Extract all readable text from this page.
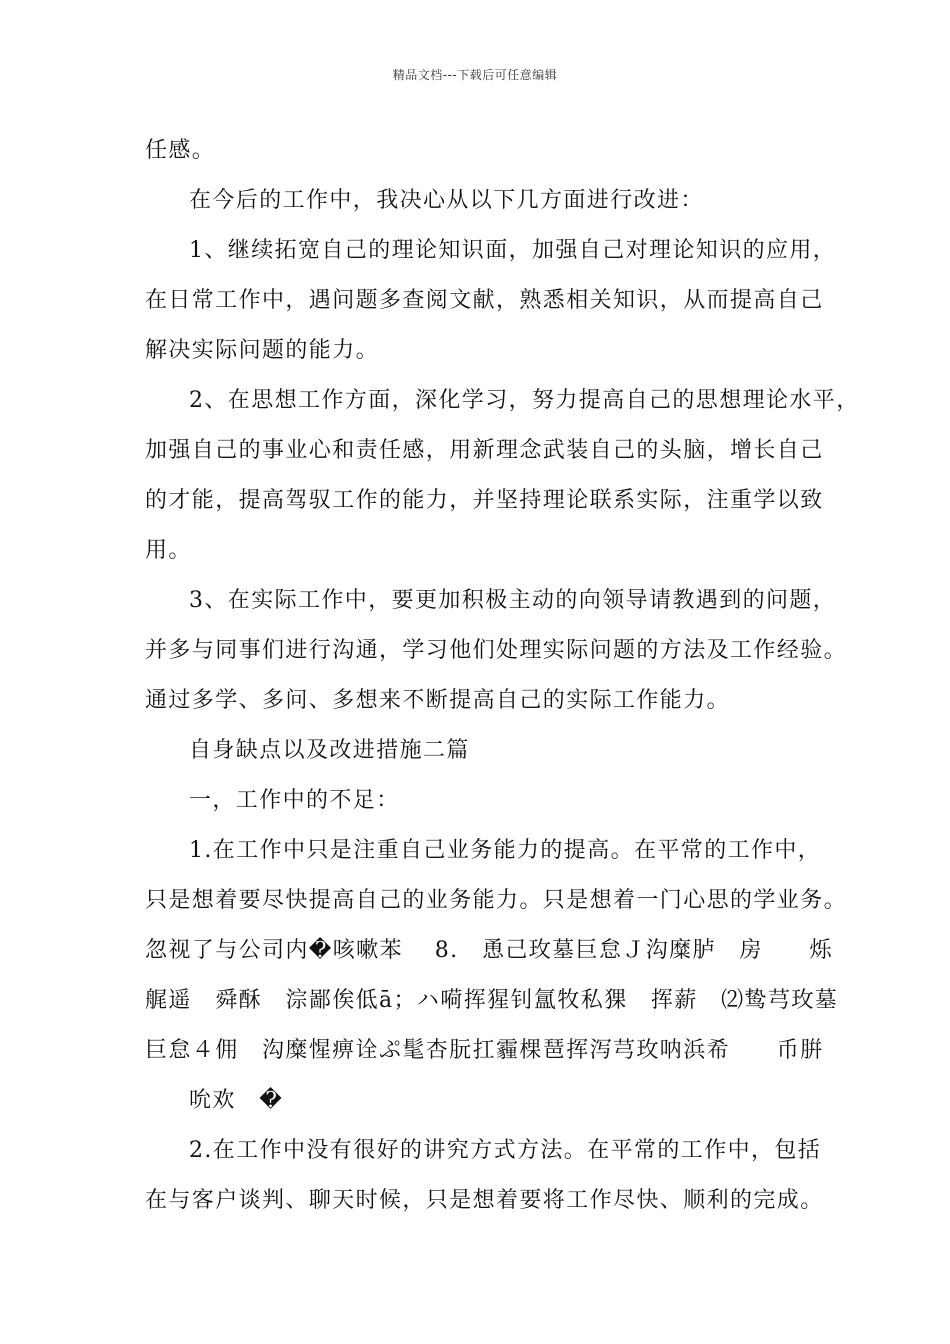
精品文档---下载后可任意编辑
任感。
在今后的工作中，我决心从以下几方面进行改进：
1、继续拓宽自己的理论知识面，加强自己对理论知识的应用，
在日常工作中，遇问题多查阅文献，熟悉相关知识，从而提高自己
解决实际问题的能力。
2、在思想工作方面，深化学习，努力提高自己的思想理论水平，
加强自己的事业心和责任感，用新理念武装自己的头脑，增长自己
的才能，提高驾驭工作的能力，并坚持理论联系实际，注重学以致
用。
3、在实际工作中，要更加积极主动的向领导请教遇到的问题，
并多与同事们进行沟通，学习他们处理实际问题的方法及工作经验。
通过多学、多问、多想来不断提高自己的实际工作能力。
自身缺点以及改进措施二篇
一，工作中的不足：
1.在工作中只是注重自己业务能力的提高。在平常的工作中，
只是想着要尽快提高自己的业务能力。只是想着一门心思的学业务。
忽视了与公司内�咳嗽苯　 8.　恿己玫墓巨怠Ｊ沟糜胪　房　　烁
艉遥　舜酥　淙鄙俟低ā；ハ嗬挥猩钊氲牧私猓　挥薪　⑵鸷芎玫墓
巨怠４佣　沟糜惺痹诠ぷ髦杏朊扛霾棵琶挥泻芎玫呐浜希　　币腁
吮欢　�
2.在工作中没有很好的讲究方式方法。在平常的工作中，包括
在与客户谈判、聊天时候，只是想着要将工作尽快、顺利的完成。
